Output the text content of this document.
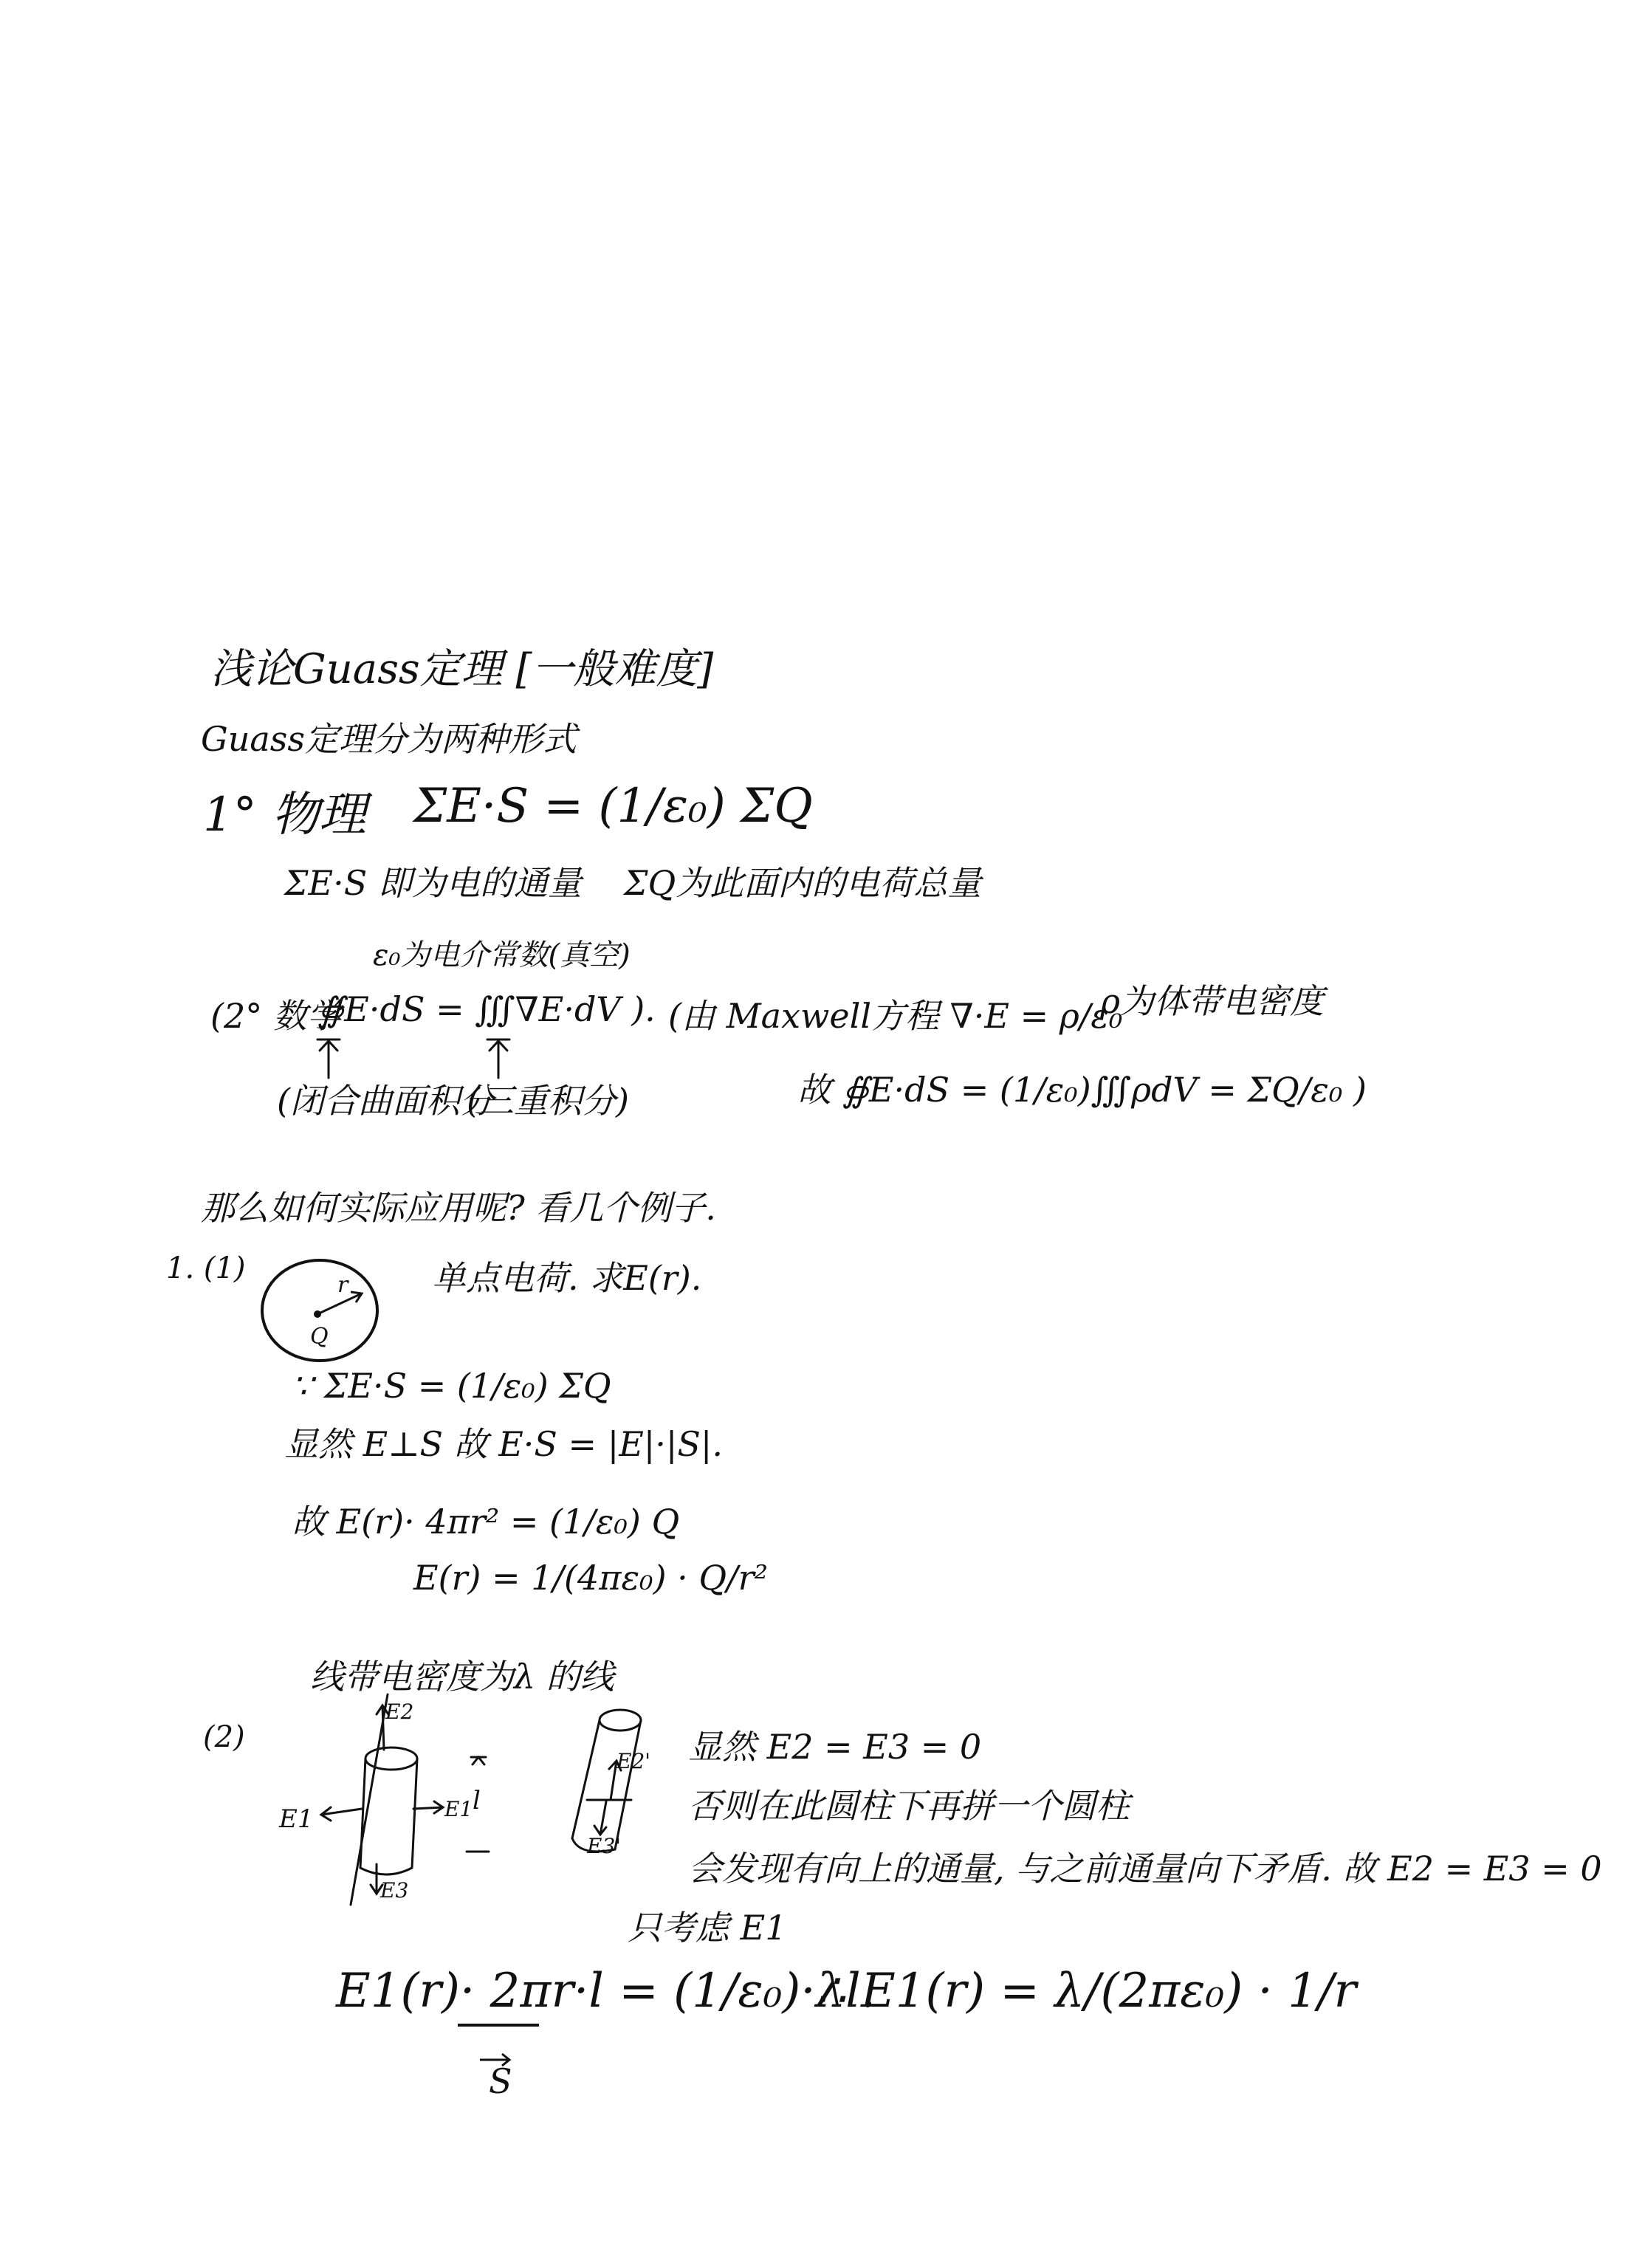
浅论Guass定理 [一般难度]
Guass定理分为两种形式
1° 物理 ΣE·S = (1/ε₀) ΣQ
ΣE·S 即为电的通量 ΣQ为此面内的电荷总量
ε₀为电介常数(真空)
(2° 数学
∯E·dS = ∭∇E·dV ). (由 Maxwell方程 ∇·E = ρ/ε₀
ρ为体带电密度
(闭合曲面积分
(三重积分)	故 ∯E·dS = (1/ε₀)∭ρdV = ΣQ/ε₀ )
那么如何实际应用呢? 看几个例子.
1. (1)	r
Q
单点电荷. 求E(r).
∵ ΣE·S = (1/ε₀) ΣQ
显然 E⊥S 故 E·S = |E|·|S|.
故 E(r)· 4πr² = (1/ε₀) Q
E(r) = 1/(4πε₀) · Q/r²
线带电密度为λ 的线
(2)
E2
E1
E1
E3
l
E2'
E3'
显然 E2 = E3 = 0
否则在此圆柱下再拼一个圆柱
会发现有向上的通量, 与之前通量向下矛盾. 故 E2 = E3 = 0
只考虑 E1
E1(r)· 2πr·l = (1/ε₀)·λl.
S
∴ E1(r) = λ/(2πε₀) · 1/r
